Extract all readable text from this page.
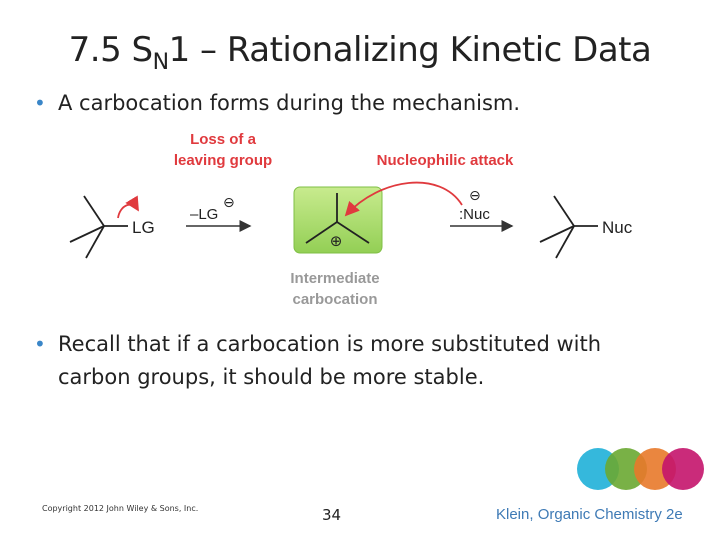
7.5 $S_N1$ – Rationalizing Kinetic Data
• A carbocation forms during the mechanism.
Loss of a
leaving group	Nucleophilic attack
LG
–LG
⊖
⊕
Intermediate
carbocation
⊖
:Nuc
Nuc
• Recall that if a carbocation is more substituted with carbon groups, it should be more stable.
Copyright 2012 John Wiley & Sons, Inc.	34	Klein, Organic Chemistry 2e
